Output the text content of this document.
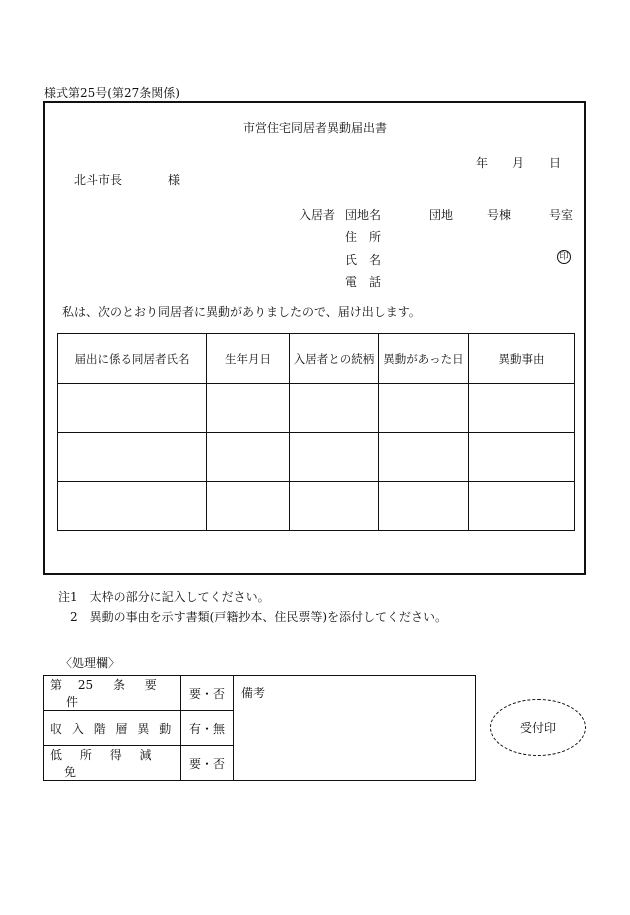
様式第25号(第27条関係)
市営住宅同居者異動届出書
年 月 日
北斗市長	様
入居者 団地名	団地	号棟	号室
住　所
氏　名
電　話
印
私は、次のとおり同居者に異動がありましたので、届け出します。
届出に係る同居者氏名	生年月日	入居者との続柄	異動があった日	異動事由

注1　太枠の部分に記入してください。
2　異動の事由を示す書類(戸籍抄本、住民票等)を添付してください。
〈処理欄〉
第 25 条 要 件	要・否	備考
収 入 階 層 異 動	有・無	
低 所 得 減 免	要・否	
受付印
